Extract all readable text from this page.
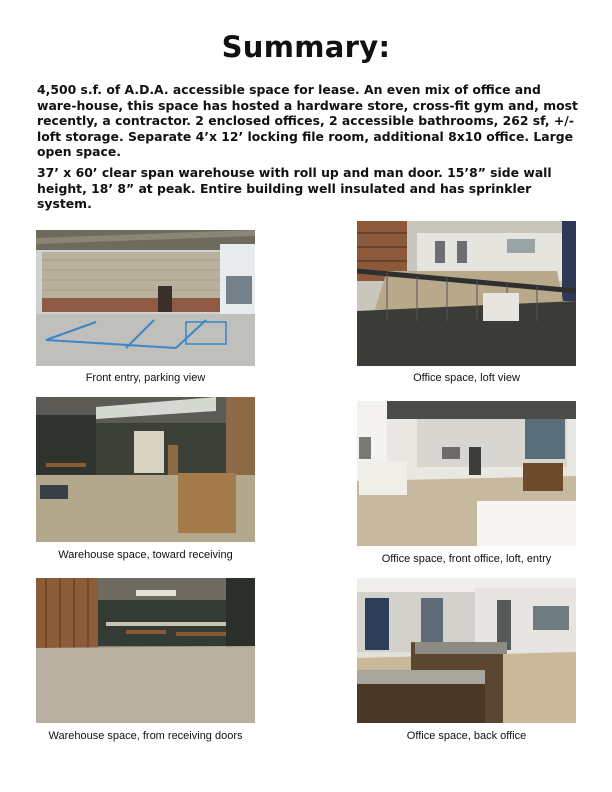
Summary:

4,500 s.f. of A.D.A. accessible space for lease. An even mix of office and ware-house, this space has hosted a hardware store, cross-fit gym and, most recently, a contractor. 2 enclosed offices, 2 accessible bathrooms, 262 sf, +/- loft storage. Separate 4’x 12’ locking file room, additional 8x10 office. Large open space.

37’ x 60’ clear span warehouse with roll up and man door. 15’8” side wall height, 18’ 8” at peak. Entire building well insulated and has sprinkler system.

Front entry, parking view	Office space, loft view
Warehouse space, toward receiving	Office space, front office, loft, entry
Warehouse space, from receiving doors	Office space, back office
